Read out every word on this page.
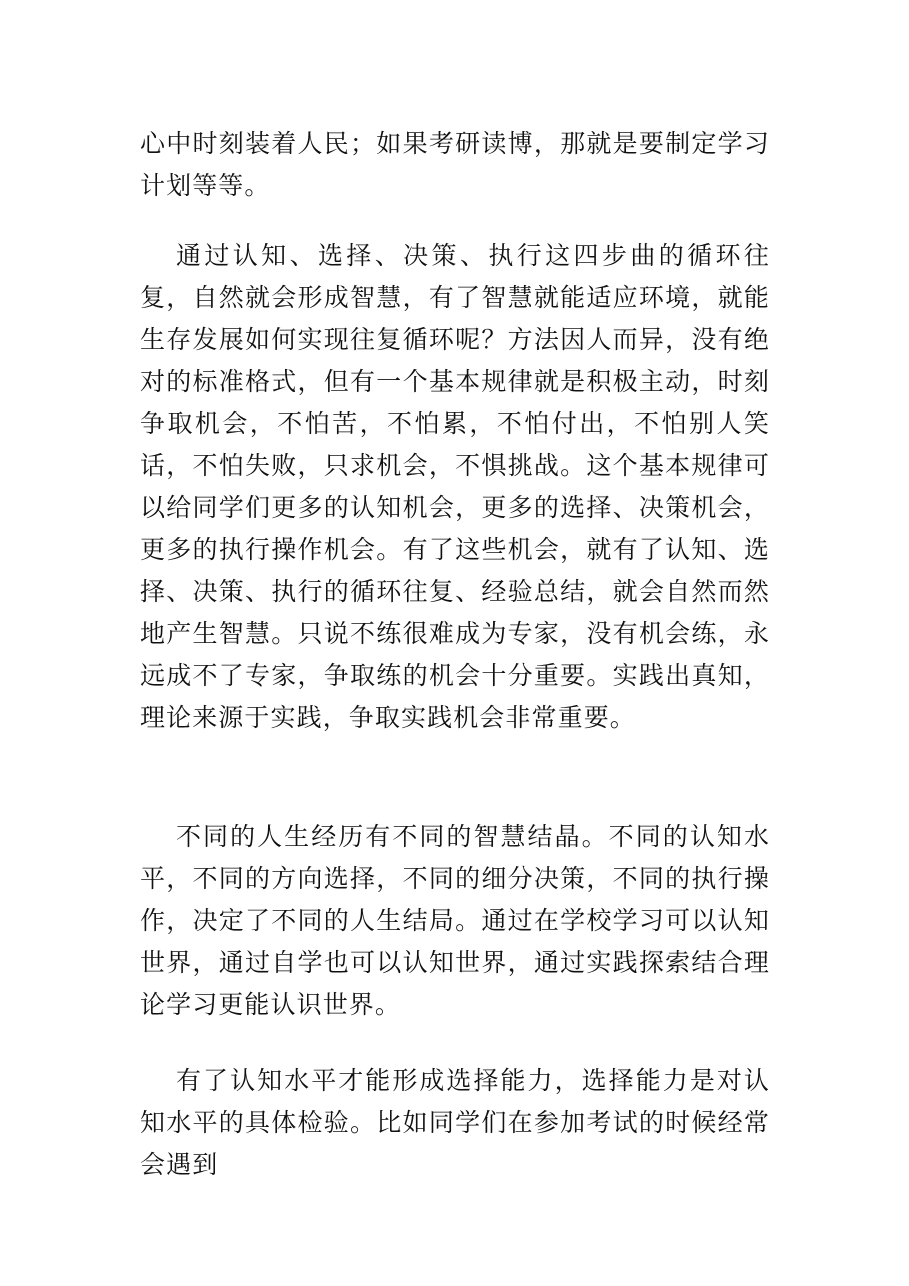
心中时刻装着人民；如果考研读博，那就是要制定学习计划等等。

通过认知、选择、决策、执行这四步曲的循环往复，自然就会形成智慧，有了智慧就能适应环境，就能生存发展如何实现往复循环呢？方法因人而异，没有绝对的标准格式，但有一个基本规律就是积极主动，时刻争取机会，不怕苦，不怕累，不怕付出，不怕别人笑话，不怕失败，只求机会，不惧挑战。这个基本规律可以给同学们更多的认知机会，更多的选择、决策机会，更多的执行操作机会。有了这些机会，就有了认知、选择、决策、执行的循环往复、经验总结，就会自然而然地产生智慧。只说不练很难成为专家，没有机会练，永远成不了专家，争取练的机会十分重要。实践出真知，理论来源于实践，争取实践机会非常重要。

不同的人生经历有不同的智慧结晶。不同的认知水平，不同的方向选择，不同的细分决策，不同的执行操作，决定了不同的人生结局。通过在学校学习可以认知世界，通过自学也可以认知世界，通过实践探索结合理论学习更能认识世界。

有了认知水平才能形成选择能力，选择能力是对认知水平的具体检验。比如同学们在参加考试的时候经常会遇到
